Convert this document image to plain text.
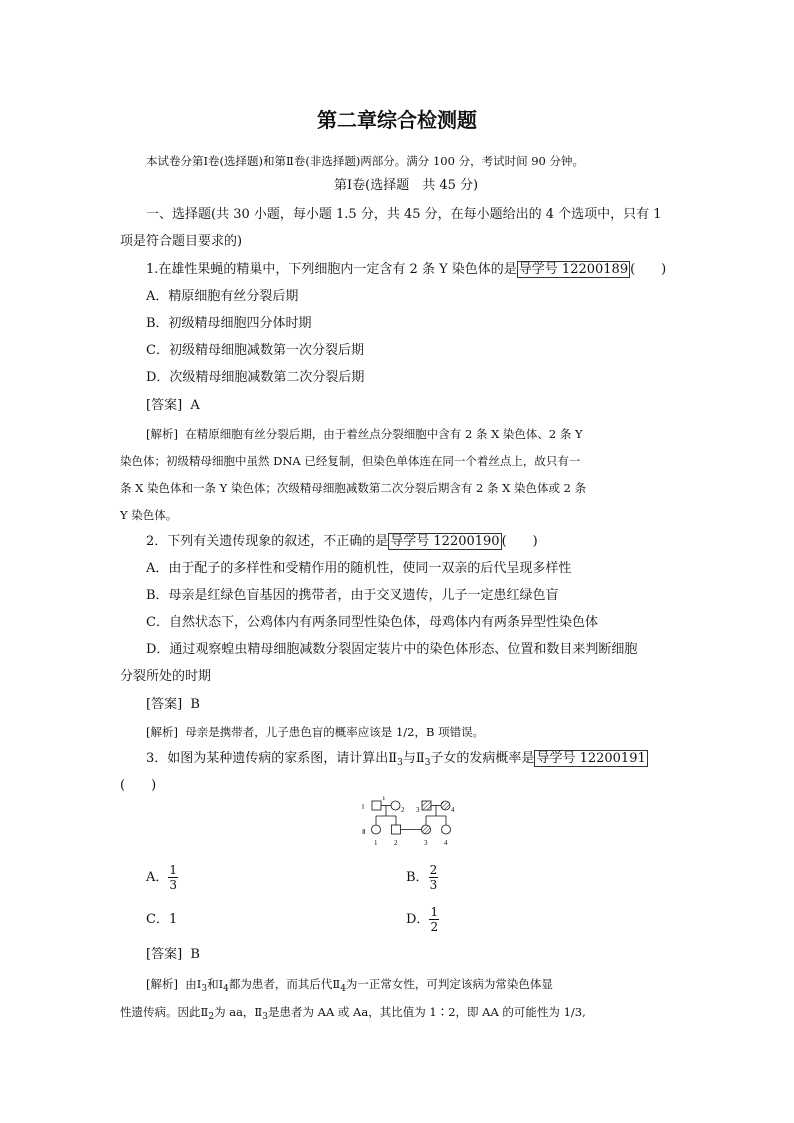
第二章综合检测题
本试卷分第Ⅰ卷(选择题)和第Ⅱ卷(非选择题)两部分。满分 100 分，考试时间 90 分钟。
第Ⅰ卷(选择题　共 45 分)
一、选择题(共 30 小题，每小题 1.5 分，共 45 分，在每小题给出的 4 个选项中，只有 1
项是符合题目要求的)
1.在雄性果蝇的精巢中，下列细胞内一定含有 2 条 Y 染色体的是 导学号 12200189 (　　)
A．精原细胞有丝分裂后期
B．初级精母细胞四分体时期
C．初级精母细胞减数第一次分裂后期
D．次级精母细胞减数第二次分裂后期
[答案] A
[解析] 在精原细胞有丝分裂后期，由于着丝点分裂细胞中含有 2 条 X 染色体、2 条 Y
染色体；初级精母细胞中虽然 DNA 已经复制，但染色单体连在同一个着丝点上，故只有一
条 X 染色体和一条 Y 染色体；次级精母细胞减数第二次分裂后期含有 2 条 X 染色体或 2 条
Y 染色体。
2．下列有关遗传现象的叙述，不正确的是 导学号 12200190 (　　)
A．由于配子的多样性和受精作用的随机性，使同一双亲的后代呈现多样性
B．母亲是红绿色盲基因的携带者，由于交叉遗传，儿子一定患红绿色盲
C．自然状态下，公鸡体内有两条同型性染色体，母鸡体内有两条异型性染色体
D．通过观察蝗虫精母细胞减数分裂固定装片中的染色体形态、位置和数目来判断细胞
分裂所处的时期
[答案] B
[解析] 母亲是携带者，儿子患色盲的概率应该是 1/2，B 项错误。
3．如图为某种遗传病的家系图，请计算出$Ⅱ_3$与$Ⅱ_3$子女的发病概率是 导学号 12200191
(　　)
Ⅰ
Ⅱ
1
2 3	4
1 2	3 4
A． $\frac{1}{3}$	B． $\frac{2}{3}$
C．1	D． $\frac{1}{2}$
[答案] B
[解析] 由$Ⅰ_3$和$Ⅰ_4$都为患者，而其后代$Ⅱ_4$为一正常女性，可判定该病为常染色体显
性遗传病。因此$Ⅱ_2$为 aa，$Ⅱ_3$是患者为 AA 或 Aa，其比值为 1∶2，即 AA 的可能性为 1/3,
